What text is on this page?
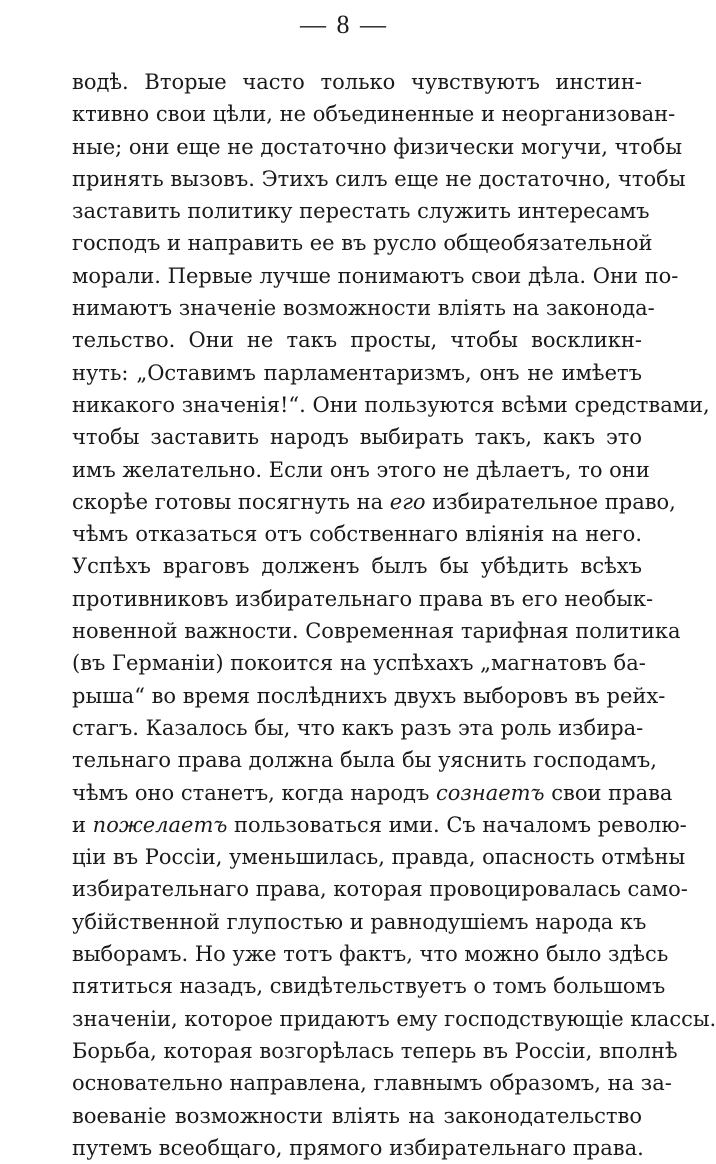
— 8 —
водѣ. Вторые часто только чувствуютъ инстин-
ктивно свои цѣли, не объединенные и неорганизован-
ные; они еще не достаточно физически могучи, чтобы
принять вызовъ. Этихъ силъ еще не достаточно, чтобы
заставить политику перестать служить интересамъ
господъ и направить ее въ русло общеобязательной
морали. Первые лучше понимаютъ свои дѣла. Они по-
нимаютъ значенiе возможности влiять на законода-
тельство. Они не такъ просты, чтобы воскликн-
нуть: „Оставимъ парламентаризмъ, онъ не имѣетъ
никакого значенiя!“. Они пользуются всѣми средствами,
чтобы заставить народъ выбирать такъ, какъ это
имъ желательно. Если онъ этого не дѣлаетъ, то они
скорѣе готовы посягнуть на его избирательное право,
чѣмъ отказаться отъ собственнаго влiянiя на него.
Успѣхъ враговъ долженъ былъ бы убѣдить всѣхъ
противниковъ избирательнаго права въ его необык-
новенной важности. Современная тарифная политика
(въ Германiи) покоится на успѣхахъ „магнатовъ ба-
рыша“ во время послѣднихъ двухъ выборовъ въ рейх-
стагъ. Казалось бы, что какъ разъ эта роль избира-
тельнаго права должна была бы уяснить господамъ,
чѣмъ оно станетъ, когда народъ сознаетъ свои права
и пожелаетъ пользоваться ими. Съ началомъ револю-
цiи въ Россiи, уменьшилась, правда, опасность отмѣны
избирательнаго права, которая провоцировалась само-
убiйственной глупостью и равнодушiемъ народа къ
выборамъ. Но уже тотъ фактъ, что можно было здѣсь
пятиться назадъ, свидѣтельствуетъ о томъ большомъ
значенiи, которое придаютъ ему господствующiе классы.
Борьба, которая возгорѣлась теперь въ Россiи, вполнѣ
основательно направлена, главнымъ образомъ, на за-
воеванiе возможности влiять на законодательство
путемъ всеобщаго, прямого избирательнаго права.
